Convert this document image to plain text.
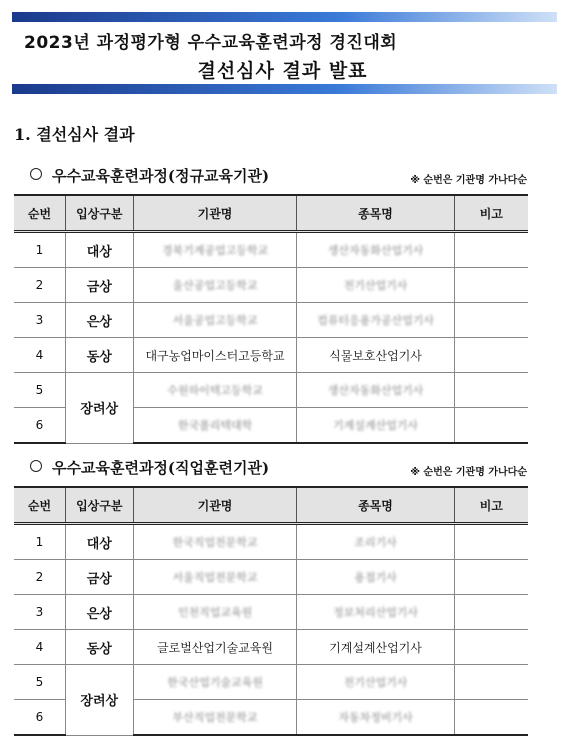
2023년 과정평가형 우수교육훈련과정 경진대회
결선심사 결과 발표
1. 결선심사 결과
우수교육훈련과정(정규교육기관)	※ 순번은 기관명 가나다순
순번	입상구분	기관명	종목명	비고
1	대상	경북기계공업고등학교	생산자동화산업기사	
2	금상	울산공업고등학교	전기산업기사	
3	은상	서울공업고등학교	컴퓨터응용가공산업기사	
4	동상	대구농업마이스터고등학교	식물보호산업기사	
5	장려상	수원하이텍고등학교	생산자동화산업기사	
6		한국폴리텍대학	기계설계산업기사	
우수교육훈련과정(직업훈련기관)	※ 순번은 기관명 가나다순
순번	입상구분	기관명	종목명	비고
1	대상	한국직업전문학교	조리기사	
2	금상	서울직업전문학교	용접기사	
3	은상	인천직업교육원	정보처리산업기사	
4	동상	글로벌산업기술교육원	기계설계산업기사	
5	장려상	한국산업기술교육원	전기산업기사	
6		부산직업전문학교	자동차정비기사	
